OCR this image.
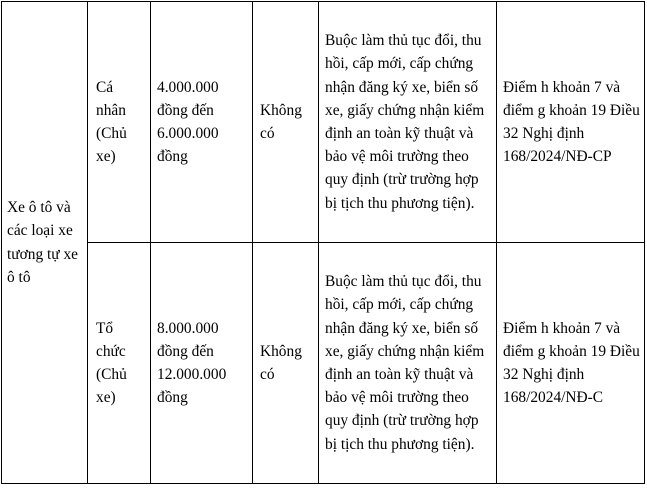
Xe ô tô và các loại xe tương tự xe ô tô	Cá nhân (Chủ xe)	4.000.000 đồng đến 6.000.000 đồng	Không có	Buộc làm thủ tục đổi, thu hồi, cấp mới, cấp chứng nhận đăng ký xe, biển số xe, giấy chứng nhận kiểm định an toàn kỹ thuật và bảo vệ môi trường theo quy định (trừ trường hợp bị tịch thu phương tiện).	Điểm h khoản 7 và điểm g khoản 19 Điều 32 Nghị định 168/2024/NĐ-CP
	Tổ chức (Chủ xe)	8.000.000 đồng đến 12.000.000 đồng	Không có	Buộc làm thủ tục đổi, thu hồi, cấp mới, cấp chứng nhận đăng ký xe, biển số xe, giấy chứng nhận kiểm định an toàn kỹ thuật và bảo vệ môi trường theo quy định (trừ trường hợp bị tịch thu phương tiện).	Điểm h khoản 7 và điểm g khoản 19 Điều 32 Nghị định 168/2024/NĐ-C
